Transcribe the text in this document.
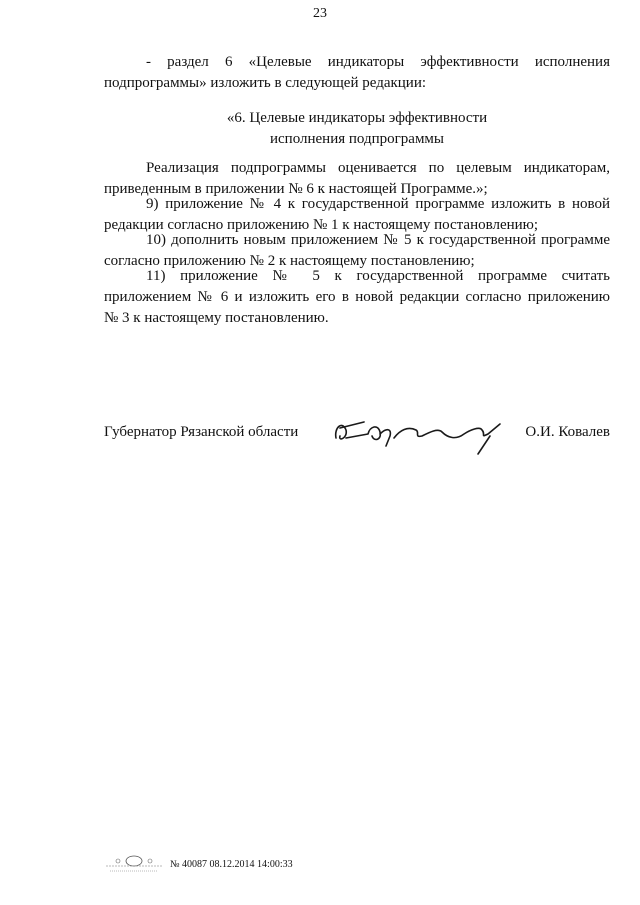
23
- раздел 6 «Целевые индикаторы эффективности исполнения
подпрограммы» изложить в следующей редакции:
«6. Целевые индикаторы эффективности
исполнения подпрограммы
Реализация подпрограммы оценивается по целевым индикаторам,
приведенным в приложении № 6 к настоящей Программе.»;
9) приложение № 4 к государственной программе изложить в новой
редакции согласно приложению № 1 к настоящему постановлению;
10) дополнить новым приложением № 5 к государственной программе
согласно приложению № 2 к настоящему постановлению;
11) приложение № 5 к государственной программе считать
приложением № 6 и изложить его в новой редакции согласно приложению
№ 3 к настоящему постановлению.
Губернатор Рязанской области	О.И. Ковалев
№ 40087 08.12.2014 14:00:33
